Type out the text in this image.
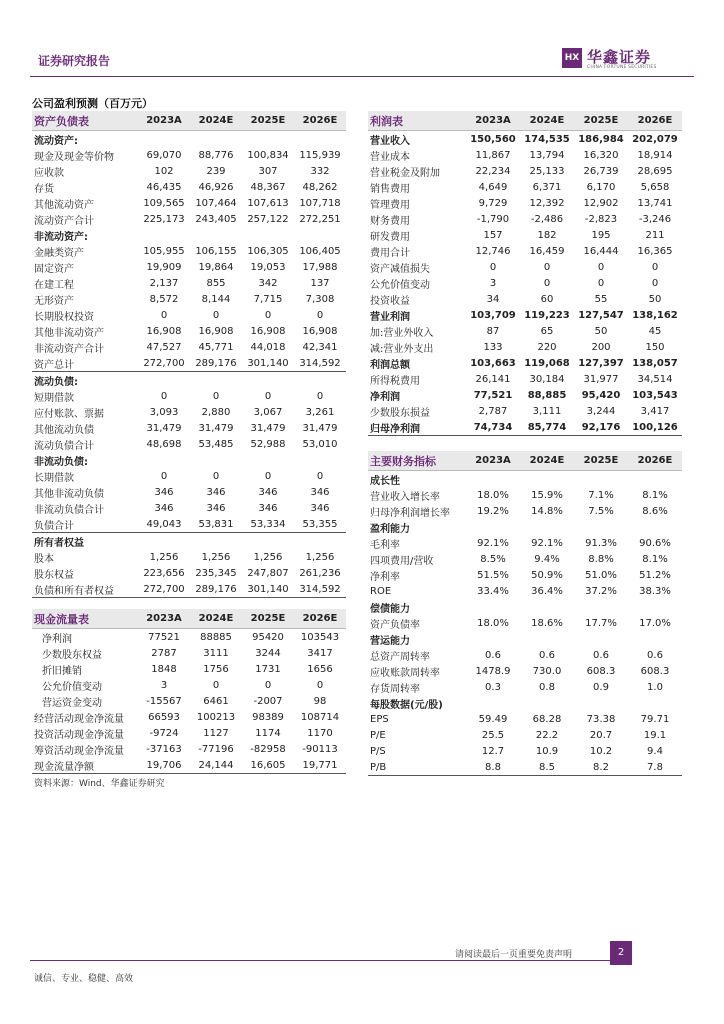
证券研究报告	HX 华鑫证券
CHINA FORTUNE SECURITIES
公司盈利预测（百万元）
资产负债表	2023A	2024E	2025E	2026E
流动资产:				
现金及现金等价物	69,070	88,776	100,834	115,939
应收款	102	239	307	332
存货	46,435	46,926	48,367	48,262
其他流动资产	109,565	107,464	107,613	107,718
流动资产合计	225,173	243,405	257,122	272,251
非流动资产:				
金融类资产	105,955	106,155	106,305	106,405
固定资产	19,909	19,864	19,053	17,988
在建工程	2,137	855	342	137
无形资产	8,572	8,144	7,715	7,308
长期股权投资	0	0	0	0
其他非流动资产	16,908	16,908	16,908	16,908
非流动资产合计	47,527	45,771	44,018	42,341
资产总计	272,700	289,176	301,140	314,592
流动负债:				
短期借款	0	0	0	0
应付账款、票据	3,093	2,880	3,067	3,261
其他流动负债	31,479	31,479	31,479	31,479
流动负债合计	48,698	53,485	52,988	53,010
非流动负债:				
长期借款	0	0	0	0
其他非流动负债	346	346	346	346
非流动负债合计	346	346	346	346
负债合计	49,043	53,831	53,334	53,355
所有者权益				
股本	1,256	1,256	1,256	1,256
股东权益	223,656	235,345	247,807	261,236
负债和所有者权益	272,700	289,176	301,140	314,592
利润表	2023A	2024E	2025E	2026E
营业收入	150,560	174,535	186,984	202,079
营业成本	11,867	13,794	16,320	18,914
营业税金及附加	22,234	25,133	26,739	28,695
销售费用	4,649	6,371	6,170	5,658
管理费用	9,729	12,392	12,902	13,741
财务费用	-1,790	-2,486	-2,823	-3,246
研发费用	157	182	195	211
费用合计	12,746	16,459	16,444	16,365
资产减值损失	0	0	0	0
公允价值变动	3	0	0	0
投资收益	34	60	55	50
营业利润	103,709	119,223	127,547	138,162
加:营业外收入	87	65	50	45
减:营业外支出	133	220	200	150
利润总额	103,663	119,068	127,397	138,057
所得税费用	26,141	30,184	31,977	34,514
净利润	77,521	88,885	95,420	103,543
少数股东损益	2,787	3,111	3,244	3,417
归母净利润	74,734	85,774	92,176	100,126
现金流量表	2023A	2024E	2025E	2026E
净利润	77521	88885	95420	103543
少数股东权益	2787	3111	3244	3417
折旧摊销	1848	1756	1731	1656
公允价值变动	3	0	0	0
营运资金变动	-15567	6461	-2007	98
经营活动现金净流量	66593	100213	98389	108714
投资活动现金净流量	-9724	1127	1174	1170
筹资活动现金净流量	-37163	-77196	-82958	-90113
现金流量净额	19,706	24,144	16,605	19,771
主要财务指标	2023A	2024E	2025E	2026E
成长性				
营业收入增长率	18.0%	15.9%	7.1%	8.1%
归母净利润增长率	19.2%	14.8%	7.5%	8.6%
盈利能力				
毛利率	92.1%	92.1%	91.3%	90.6%
四项费用/营收	8.5%	9.4%	8.8%	8.1%
净利率	51.5%	50.9%	51.0%	51.2%
ROE	33.4%	36.4%	37.2%	38.3%
偿债能力				
资产负债率	18.0%	18.6%	17.7%	17.0%
营运能力				
总资产周转率	0.6	0.6	0.6	0.6
应收账款周转率	1478.9	730.0	608.3	608.3
存货周转率	0.3	0.8	0.9	1.0
每股数据(元/股)				
EPS	59.49	68.28	73.38	79.71
P/E	25.5	22.2	20.7	19.1
P/S	12.7	10.9	10.2	9.4
P/B	8.8	8.5	8.2	7.8
资料来源：Wind、华鑫证券研究
请阅读最后一页重要免责声明	2
诚信、专业、稳健、高效
